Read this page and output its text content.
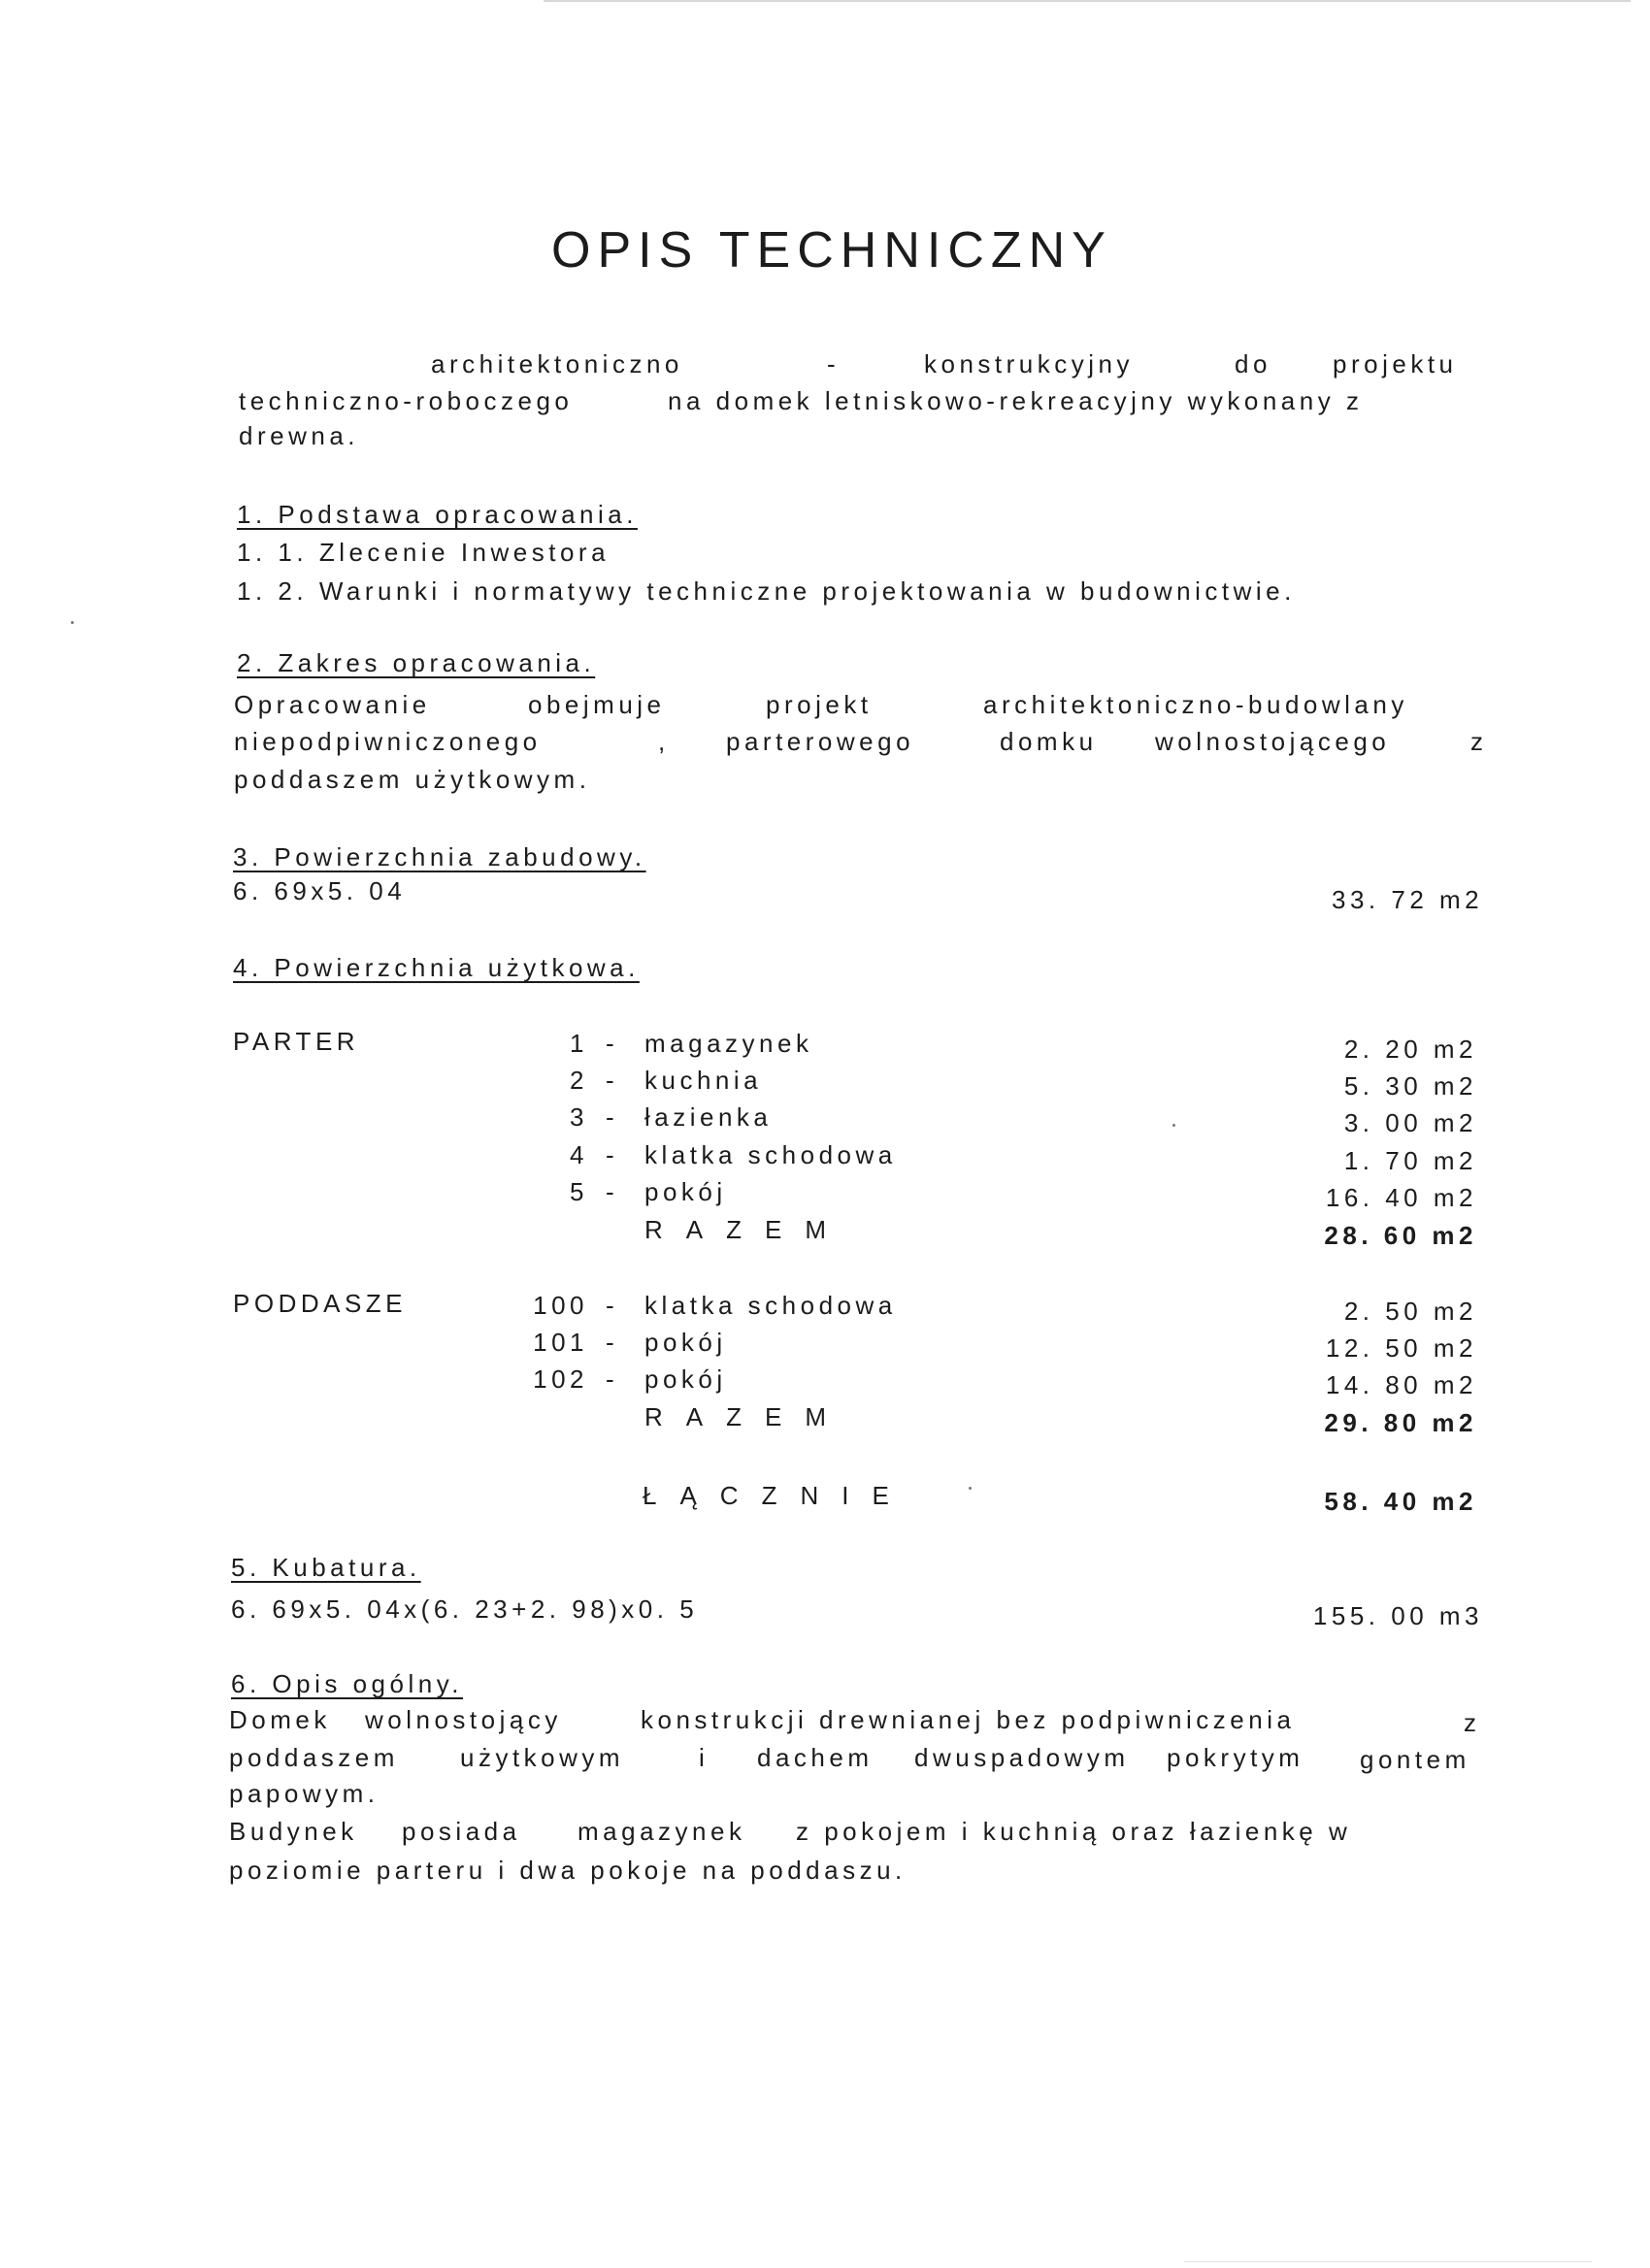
OPIS TECHNICZNY
architektoniczno	-	konstrukcyjny	do projektu
techniczno-roboczego	na domek letniskowo-rekreacyjny wykonany z
drewna.
1. Podstawa opracowania.
1. 1. Zlecenie Inwestora
1. 2. Warunki i normatywy techniczne projektowania w budownictwie.
2. Zakres opracowania.
Opracowanie	obejmuje	projekt	architektoniczno-budowlany
niepodpiwniczonego	, parterowego	domku wolnostojącego	z
poddaszem użytkowym.
3. Powierzchnia zabudowy.
6. 69x5. 04	33. 72 m2
4. Powierzchnia użytkowa.
PARTER	1 - magazynek	2. 20 m2
2 - kuchnia	5. 30 m2
3 - łazienka	3. 00 m2
4 - klatka schodowa	1. 70 m2
5 - pokój	16. 40 m2
RAZEM	28. 60 m2
PODDASZE	100 - klatka schodowa	2. 50 m2
101 - pokój	12. 50 m2
102 - pokój	14. 80 m2
RAZEM	29. 80 m2
ŁĄCZNIE	58. 40 m2
5. Kubatura.
6. 69x5. 04x(6. 23+2. 98)x0. 5	155. 00 m3
6. Opis ogólny.
Domek wolnostojący	konstrukcji drewnianej bez podpiwniczenia	z
poddaszem użytkowym	i dachem dwuspadowym pokrytym gontem
papowym.
Budynek posiada magazynek z pokojem i kuchnią oraz łazienkę w
poziomie parteru i dwa pokoje na poddaszu.
